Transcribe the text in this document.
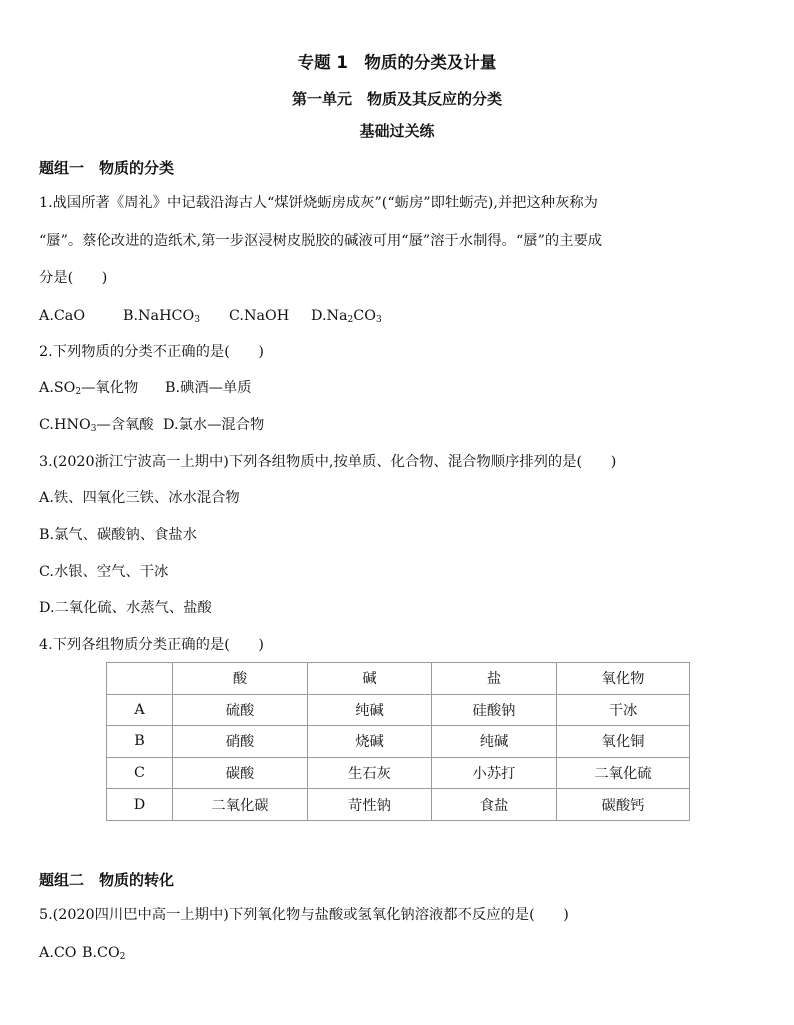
专题 1　物质的分类及计量
第一单元　物质及其反应的分类
基础过关练
题组一　物质的分类
1.战国所著《周礼》中记载沿海古人“煤饼烧蛎房成灰”(“蛎房”即牡蛎壳),并把这种灰称为
“蜃”。蔡伦改进的造纸术,第一步沤浸树皮脱胶的碱液可用“蜃”溶于水制得。“蜃”的主要成
分是(　　)
A.CaO	B.NaHCO$_3$ C.NaOH $D.Na_2CO_3$
2.下列物质的分类不正确的是(　　)
$A.SO_2—$氧化物 B.碘酒—单质
$C.HNO_3—$含氧酸 D.氯水—混合物
3.(2020浙江宁波高一上期中)下列各组物质中,按单质、化合物、混合物顺序排列的是(　　)
A.铁、四氧化三铁、冰水混合物
B.氯气、碳酸钠、食盐水
C.水银、空气、干冰
D.二氧化硫、水蒸气、盐酸
4.下列各组物质分类正确的是(　　)
	酸	碱	盐	氧化物
A	硫酸	纯碱	硅酸钠	干冰
B	硝酸	烧碱	纯碱	氧化铜
C	碳酸	生石灰	小苏打	二氧化硫
D	二氧化碳	苛性钠	食盐	碳酸钙
题组二　物质的转化
5.(2020四川巴中高一上期中)下列氧化物与盐酸或氢氧化钠溶液都不反应的是(　　)
A.CO $B.CO_2$
